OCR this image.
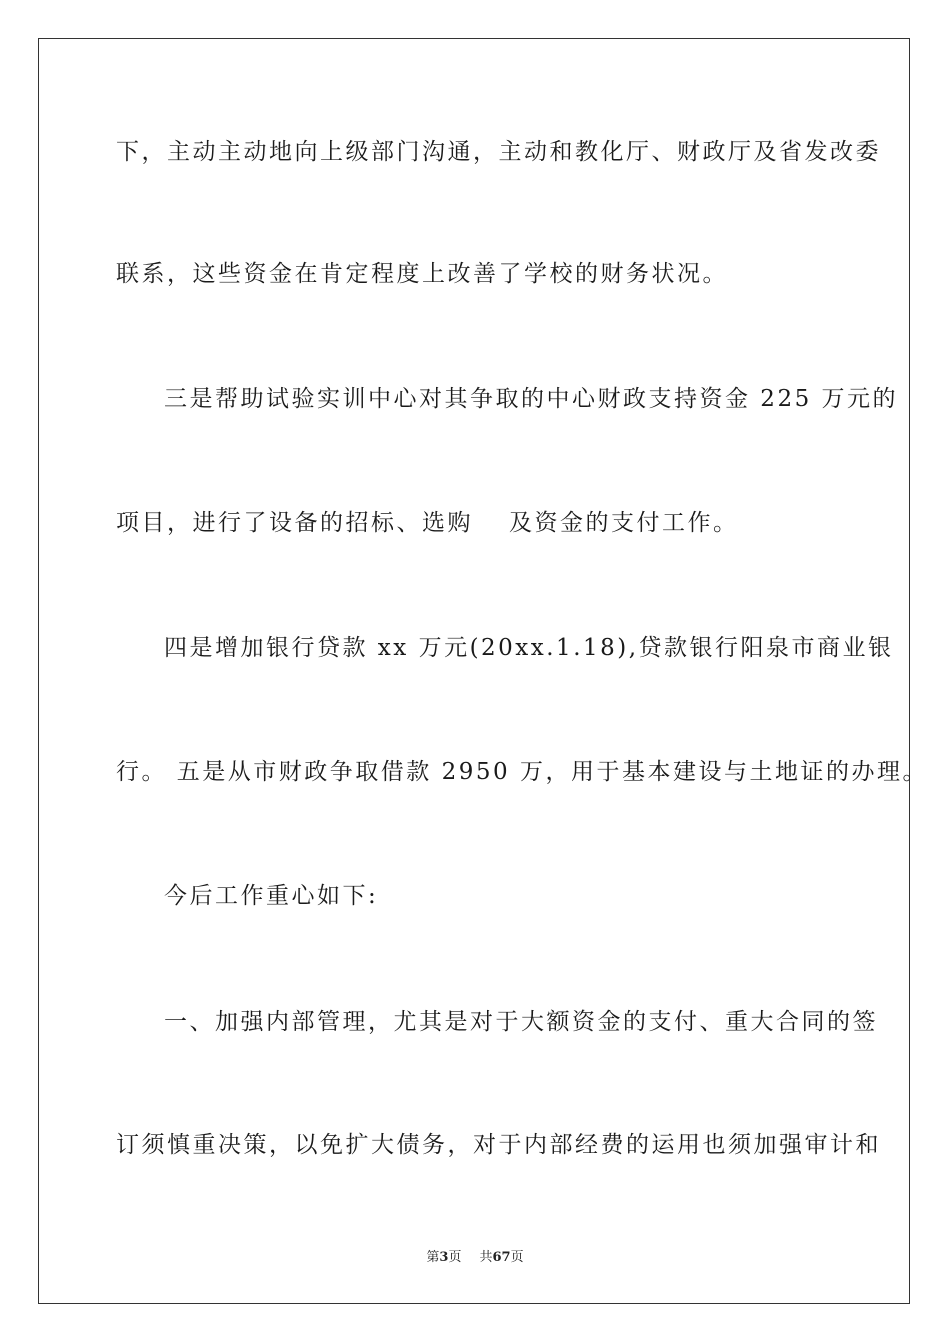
下，主动主动地向上级部门沟通，主动和教化厅、财政厅及省发改委
联系，这些资金在肯定程度上改善了学校的财务状况。
三是帮助试验实训中心对其争取的中心财政支持资金 225 万元的
项目，进行了设备的招标、选购 及资金的支付工作。
四是增加银行贷款 xx 万元(20xx.1.18),贷款银行阳泉市商业银
行。 五是从市财政争取借款 2950 万，用于基本建设与土地证的办理。
今后工作重心如下:
一、加强内部管理，尤其是对于大额资金的支付、重大合同的签
订须慎重决策，以免扩大债务，对于内部经费的运用也须加强审计和
第3页 共67页
